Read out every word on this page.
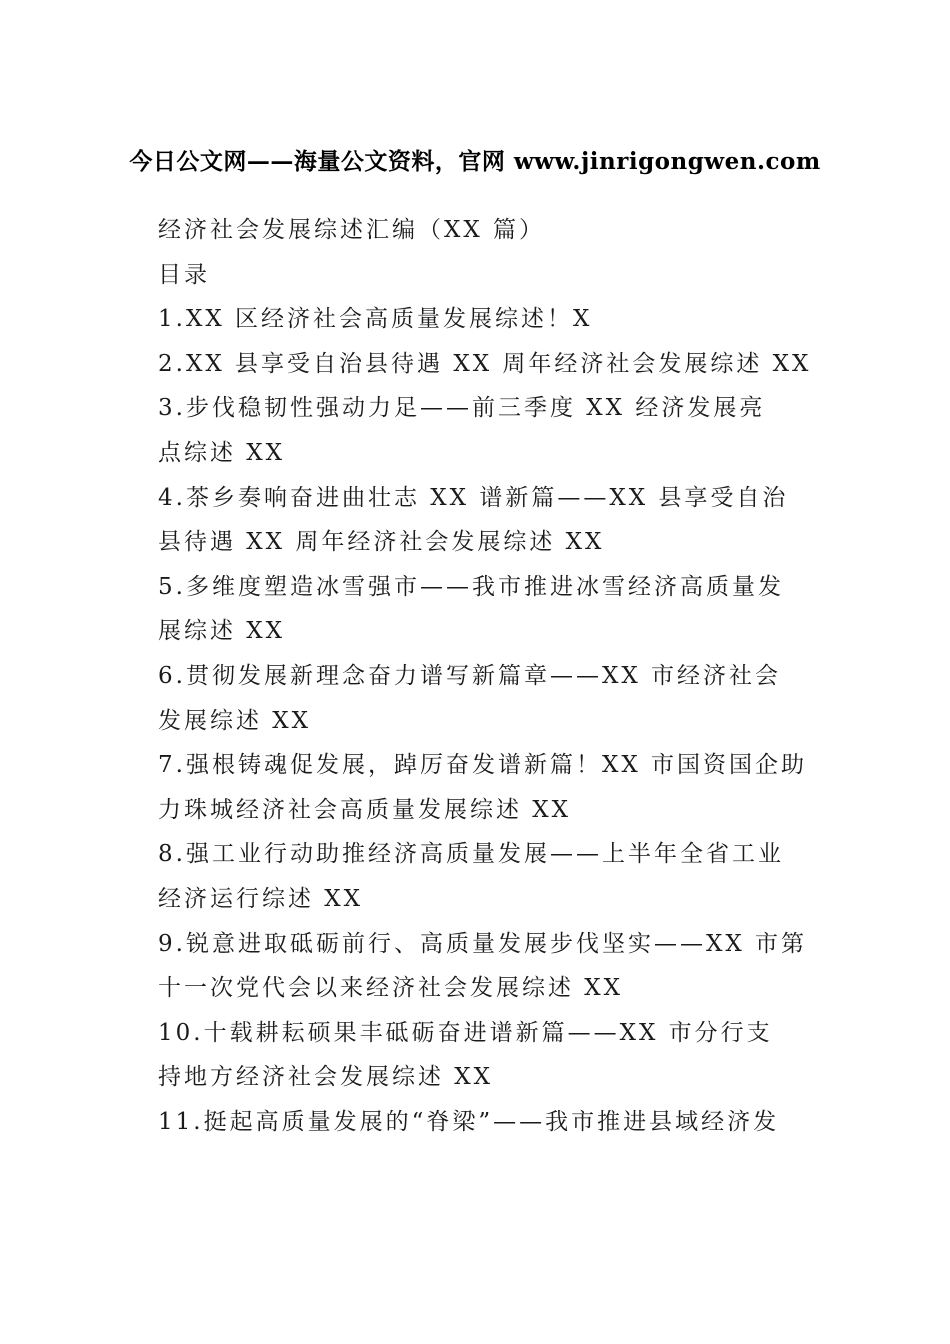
今日公文网——海量公文资料，官网 www.jinrigongwen.com
经济社会发展综述汇编（XX 篇）
目录
1.XX 区经济社会高质量发展综述！X
2.XX 县享受自治县待遇 XX 周年经济社会发展综述 XX
3.步伐稳韧性强动力足——前三季度 XX 经济发展亮
点综述 XX
4.茶乡奏响奋进曲壮志 XX 谱新篇——XX 县享受自治
县待遇 XX 周年经济社会发展综述 XX
5.多维度塑造冰雪强市——我市推进冰雪经济高质量发
展综述 XX
6.贯彻发展新理念奋力谱写新篇章——XX 市经济社会
发展综述 XX
7.强根铸魂促发展，踔厉奋发谱新篇！XX 市国资国企助
力珠城经济社会高质量发展综述 XX
8.强工业行动助推经济高质量发展——上半年全省工业
经济运行综述 XX
9.锐意进取砥砺前行、高质量发展步伐坚实——XX 市第
十一次党代会以来经济社会发展综述 XX
10.十载耕耘硕果丰砥砺奋进谱新篇——XX 市分行支
持地方经济社会发展综述 XX
11.挺起高质量发展的“脊梁”——我市推进县域经济发
